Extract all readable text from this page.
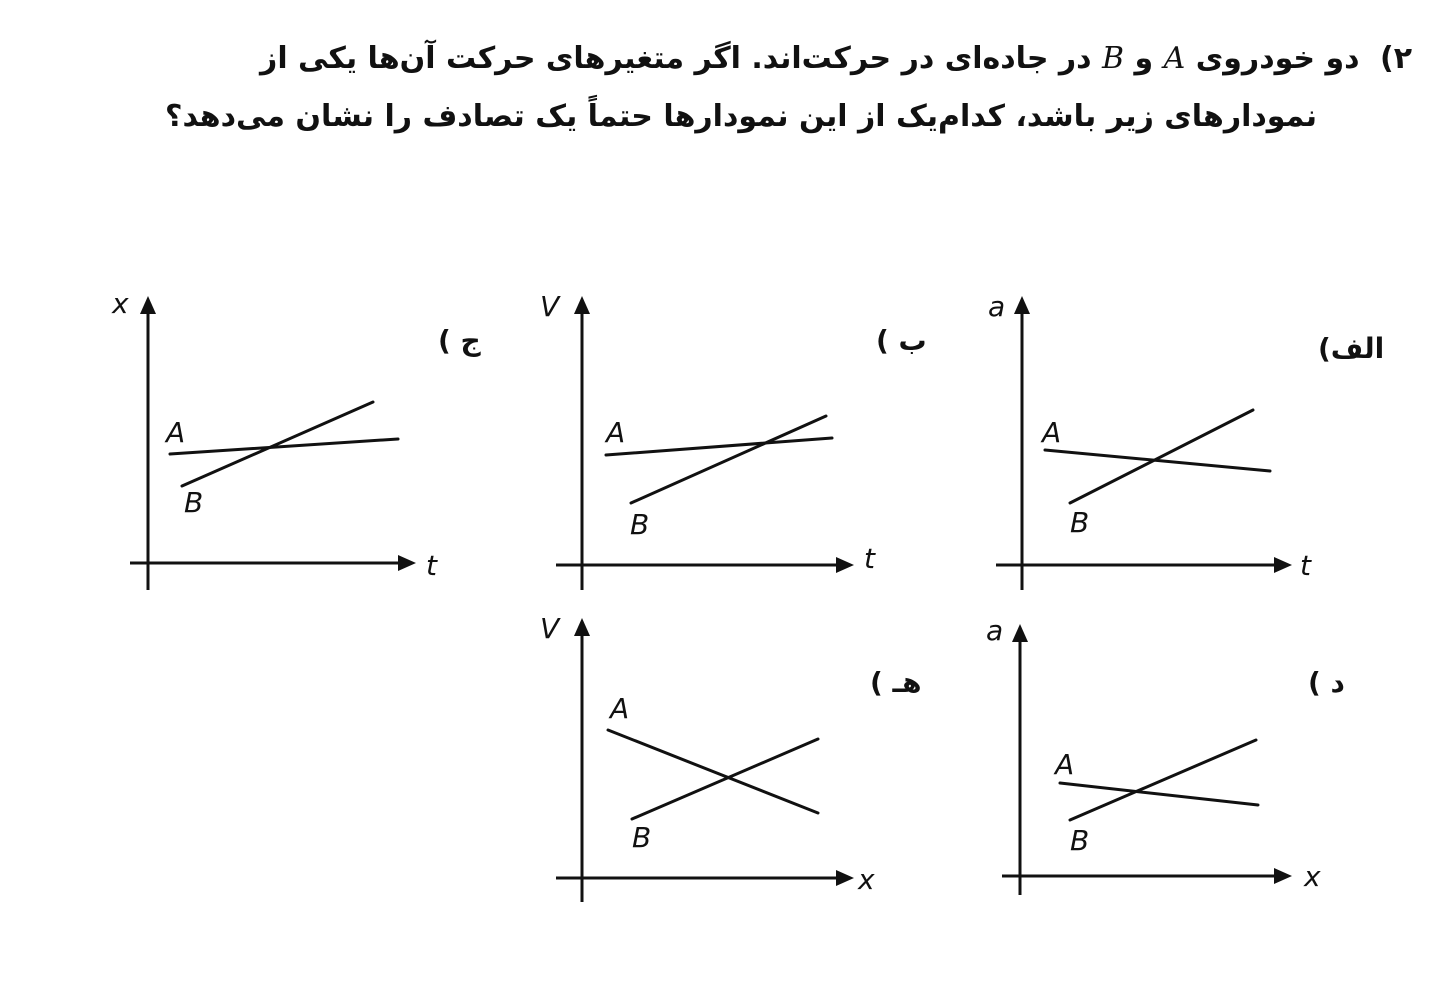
۲) دو خودروی A و B در جاده‌ای در حرکت‌اند. اگر متغیرهای حرکت آن‌ها یکی از
نمودارهای زیر باشد، کدام‌یک از این نمودارها حتماً یک تصادف را نشان می‌دهد؟
a
t
الف)
A
B
V
t
ب )
A
B
x
t
ج )
A
B
a
x
د )
A
B
V
x
هـ )
A
B
